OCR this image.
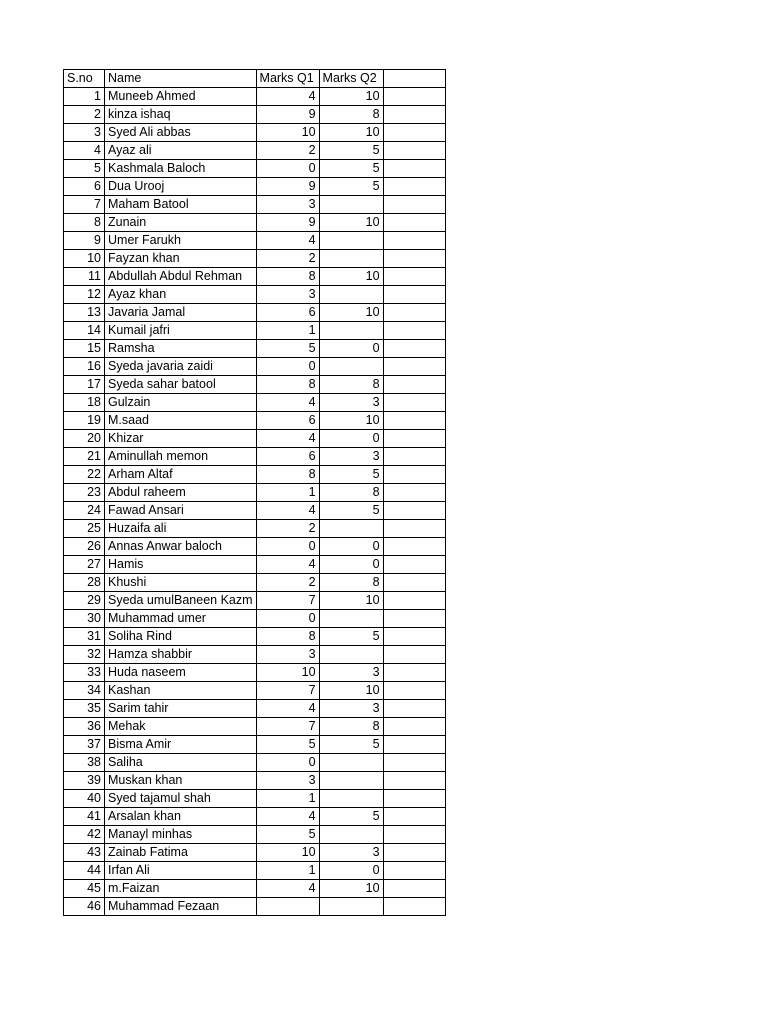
S.no	Name	Marks Q1	Marks Q2	
1	Muneeb Ahmed	4	10	
2	kinza ishaq	9	8	
3	Syed Ali abbas	10	10	
4	Ayaz ali	2	5	
5	Kashmala Baloch	0	5	
6	Dua Urooj	9	5	
7	Maham Batool	3		
8	Zunain	9	10	
9	Umer Farukh	4		
10	Fayzan khan	2		
11	Abdullah Abdul Rehman	8	10	
12	Ayaz khan	3		
13	Javaria Jamal	6	10	
14	Kumail jafri	1		
15	Ramsha	5	0	
16	Syeda javaria zaidi	0		
17	Syeda sahar batool	8	8	
18	Gulzain	4	3	
19	M.saad	6	10	
20	Khizar	4	0	
21	Aminullah memon	6	3	
22	Arham Altaf	8	5	
23	Abdul raheem	1	8	
24	Fawad Ansari	4	5	
25	Huzaifa ali	2		
26	Annas Anwar baloch	0	0	
27	Hamis	4	0	
28	Khushi	2	8	
29	Syeda umulBaneen Kazm	7	10	
30	Muhammad umer	0		
31	Soliha Rind	8	5	
32	Hamza shabbir	3		
33	Huda naseem	10	3	
34	Kashan	7	10	
35	Sarim tahir	4	3	
36	Mehak	7	8	
37	Bisma Amir	5	5	
38	Saliha	0		
39	Muskan khan	3		
40	Syed tajamul shah	1		
41	Arsalan khan	4	5	
42	Manayl minhas	5		
43	Zainab Fatima	10	3	
44	Irfan Ali	1	0	
45	m.Faizan	4	10	
46	Muhammad Fezaan			
